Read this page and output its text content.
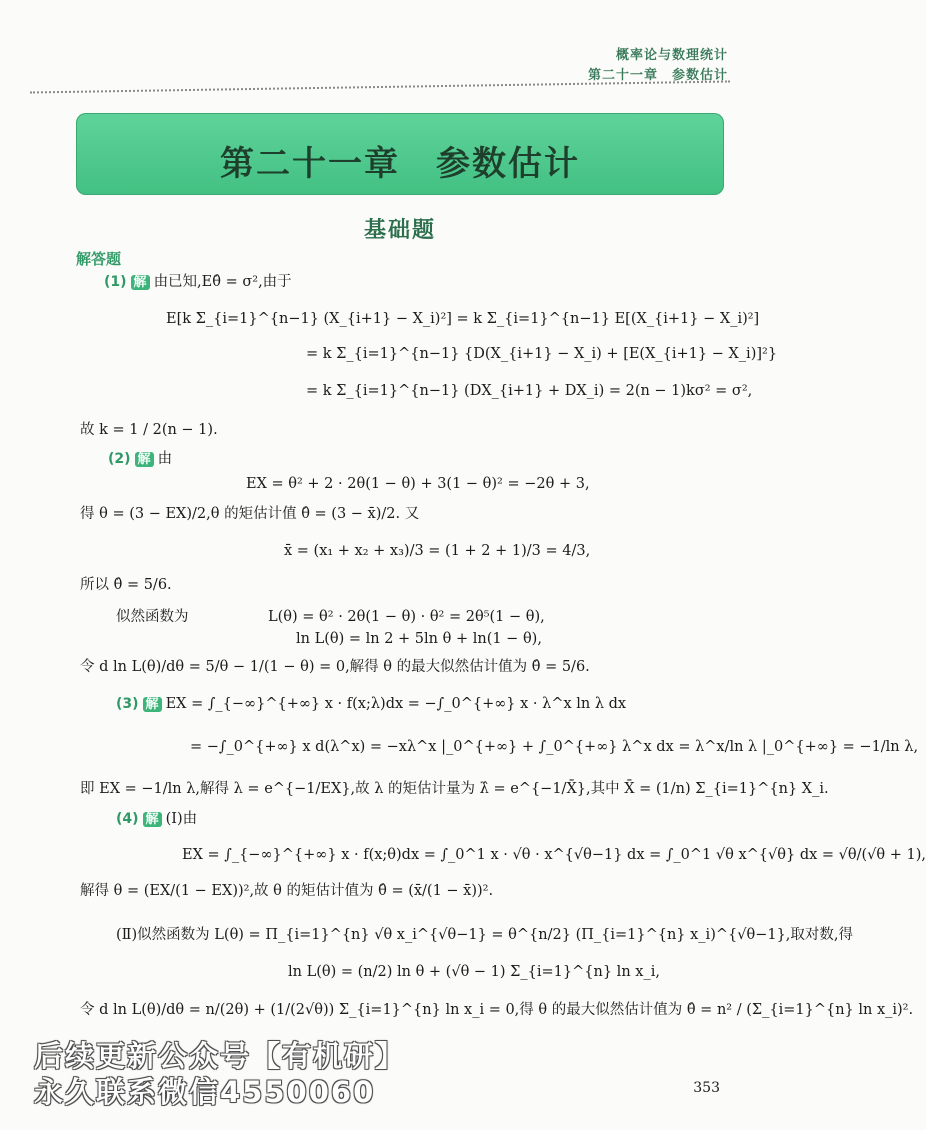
概率论与数理统计
第二十一章　参数估计
第二十一章　参数估计
基础题
解答题
(1) 解 由已知,Eθ̂ = σ²,由于
E[k Σ_{i=1}^{n−1} (X_{i+1} − X_i)²] = k Σ_{i=1}^{n−1} E[(X_{i+1} − X_i)²]
= k Σ_{i=1}^{n−1} {D(X_{i+1} − X_i) + [E(X_{i+1} − X_i)]²}
= k Σ_{i=1}^{n−1} (DX_{i+1} + DX_i) = 2(n − 1)kσ² = σ²,
故 k = 1 / 2(n − 1).
(2) 解 由
EX = θ² + 2 · 2θ(1 − θ) + 3(1 − θ)² = −2θ + 3,
得 θ = (3 − EX)/2,θ 的矩估计值 θ̂ = (3 − x̄)/2. 又
x̄ = (x₁ + x₂ + x₃)/3 = (1 + 2 + 1)/3 = 4/3,
所以 θ̂ = 5/6.
似然函数为	L(θ) = θ² · 2θ(1 − θ) · θ² = 2θ⁵(1 − θ),
ln L(θ) = ln 2 + 5ln θ + ln(1 − θ),
令 d ln L(θ)/dθ = 5/θ − 1/(1 − θ) = 0,解得 θ 的最大似然估计值为 θ̂ = 5/6.
(3) 解 EX = ∫_{−∞}^{+∞} x · f(x;λ)dx = −∫_0^{+∞} x · λ^x ln λ dx
= −∫_0^{+∞} x d(λ^x) = −xλ^x |_0^{+∞} + ∫_0^{+∞} λ^x dx = λ^x/ln λ |_0^{+∞} = −1/ln λ,
即 EX = −1/ln λ,解得 λ = e^{−1/EX},故 λ 的矩估计量为 λ̂ = e^{−1/X̄},其中 X̄ = (1/n) Σ_{i=1}^{n} X_i.
(4) 解 (Ⅰ)由
EX = ∫_{−∞}^{+∞} x · f(x;θ)dx = ∫_0^1 x · √θ · x^{√θ−1} dx = ∫_0^1 √θ x^{√θ} dx = √θ/(√θ + 1),
解得 θ = (EX/(1 − EX))²,故 θ 的矩估计值为 θ̂ = (x̄/(1 − x̄))².
(Ⅱ)似然函数为 L(θ) = Π_{i=1}^{n} √θ x_i^{√θ−1} = θ^{n/2} (Π_{i=1}^{n} x_i)^{√θ−1},取对数,得
ln L(θ) = (n/2) ln θ + (√θ − 1) Σ_{i=1}^{n} ln x_i,
令 d ln L(θ)/dθ = n/(2θ) + (1/(2√θ)) Σ_{i=1}^{n} ln x_i = 0,得 θ 的最大似然估计值为 θ̂ = n² / (Σ_{i=1}^{n} ln x_i)².
后续更新公众号【有机研】
永久联系微信4550060	353
